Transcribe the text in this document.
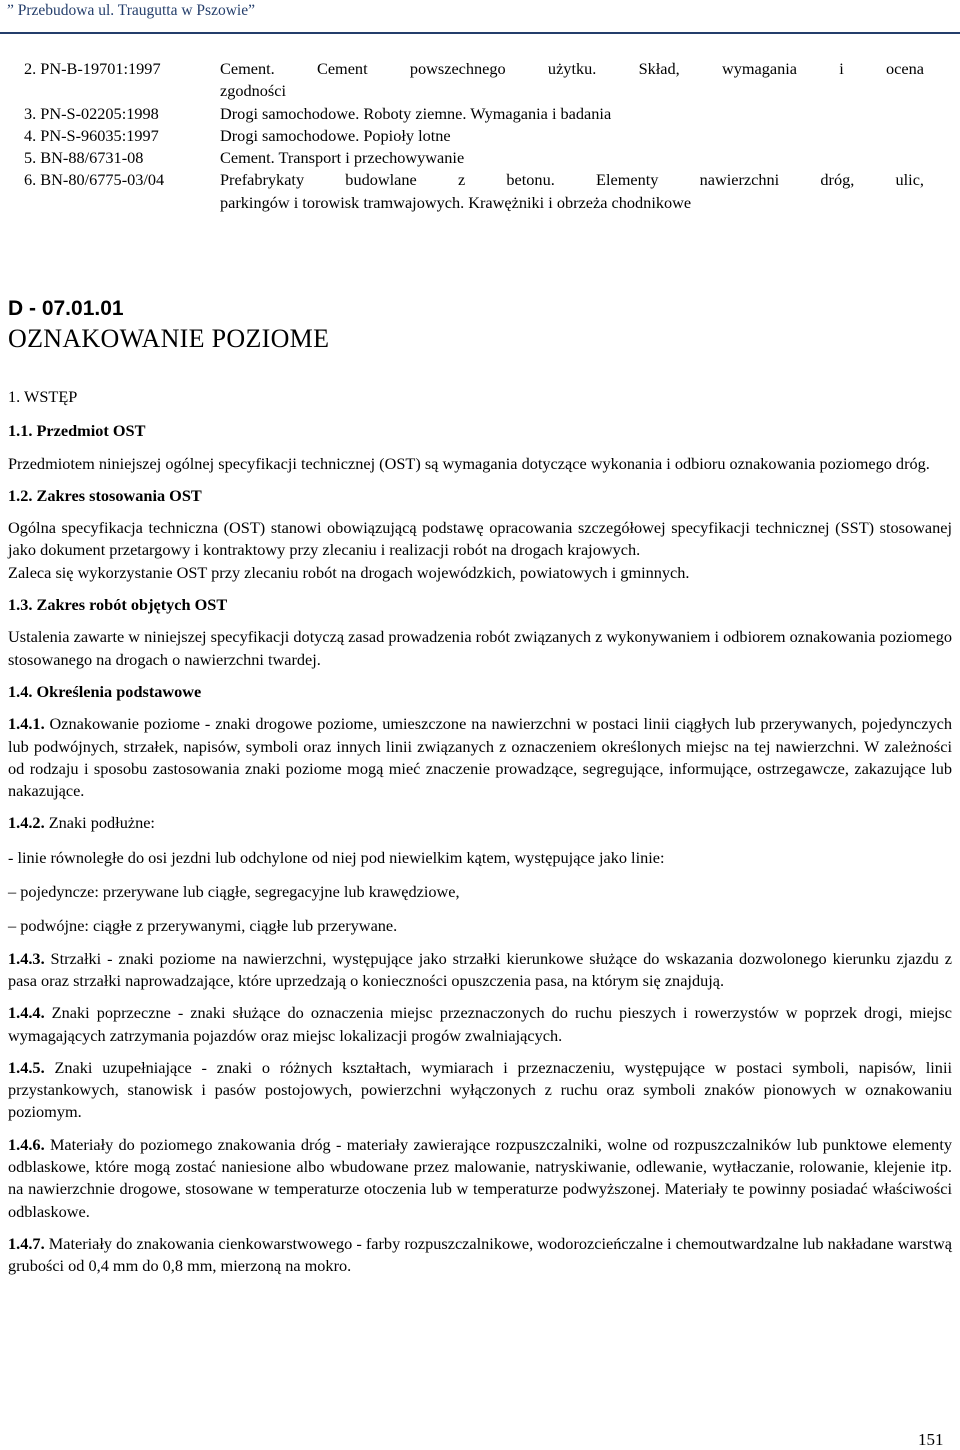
” Przebudowa ul. Traugutta w Pszowie”
2. PN-B-19701:1997	Cement. Cement powszechnego użytku. Skład, wymagania i ocena
zgodności
3. PN-S-02205:1998	Drogi samochodowe. Roboty ziemne. Wymagania i badania
4. PN-S-96035:1997	Drogi samochodowe. Popioły lotne
5. BN-88/6731-08	Cement. Transport i przechowywanie
6. BN-80/6775-03/04	Prefabrykaty budowlane z betonu. Elementy nawierzchni dróg, ulic,
parkingów i torowisk tramwajowych. Krawężniki i obrzeża chodnikowe
D - 07.01.01
OZNAKOWANIE POZIOME

1. WSTĘP

1.1. Przedmiot OST

Przedmiotem niniejszej ogólnej specyfikacji technicznej (OST) są wymagania dotyczące wykonania i odbioru oznakowania poziomego dróg.

1.2. Zakres stosowania OST

Ogólna specyfikacja techniczna (OST) stanowi obowiązującą podstawę opracowania szczegółowej specyfikacji technicznej (SST) stosowanej jako dokument przetargowy i kontraktowy przy zlecaniu i realizacji robót na drogach krajowych.

Zaleca się wykorzystanie OST przy zlecaniu robót na drogach wojewódzkich, powiatowych i gminnych.

1.3. Zakres robót objętych OST

Ustalenia zawarte w niniejszej specyfikacji dotyczą zasad prowadzenia robót związanych z wykonywaniem i odbiorem oznakowania poziomego stosowanego na drogach o nawierzchni twardej.

1.4. Określenia podstawowe

1.4.1. Oznakowanie poziome - znaki drogowe poziome, umieszczone na nawierzchni w postaci linii ciągłych lub przerywanych, pojedynczych lub podwójnych, strzałek, napisów, symboli oraz innych linii związanych z oznaczeniem określonych miejsc na tej nawierzchni. W zależności od rodzaju i sposobu zastosowania znaki poziome mogą mieć znaczenie prowadzące, segregujące, informujące, ostrzegawcze, zakazujące lub nakazujące.

1.4.2. Znaki podłużne:

- linie równoległe do osi jezdni lub odchylone od niej pod niewielkim kątem, występujące jako linie:

– pojedyncze: przerywane lub ciągłe, segregacyjne lub krawędziowe,

– podwójne: ciągłe z przerywanymi, ciągłe lub przerywane.

1.4.3. Strzałki - znaki poziome na nawierzchni, występujące jako strzałki kierunkowe służące do wskazania dozwolonego kierunku zjazdu z pasa oraz strzałki naprowadzające, które uprzedzają o konieczności opuszczenia pasa, na którym się znajdują.

1.4.4. Znaki poprzeczne - znaki służące do oznaczenia miejsc przeznaczonych do ruchu pieszych i rowerzystów w poprzek drogi, miejsc wymagających zatrzymania pojazdów oraz miejsc lokalizacji progów zwalniających.

1.4.5. Znaki uzupełniające - znaki o różnych kształtach, wymiarach i przeznaczeniu, występujące w postaci symboli, napisów, linii przystankowych, stanowisk i pasów postojowych, powierzchni wyłączonych z ruchu oraz symboli znaków pionowych w oznakowaniu poziomym.

1.4.6. Materiały do poziomego znakowania dróg - materiały zawierające rozpuszczalniki, wolne od rozpuszczalników lub punktowe elementy odblaskowe, które mogą zostać naniesione albo wbudowane przez malowanie, natryskiwanie, odlewanie, wytłaczanie, rolowanie, klejenie itp. na nawierzchnie drogowe, stosowane w temperaturze otoczenia lub w temperaturze podwyższonej. Materiały te powinny posiadać właściwości odblaskowe.

1.4.7. Materiały do znakowania cienkowarstwowego - farby rozpuszczalnikowe, wodorozcieńczalne i chemoutwardzalne lub nakładane warstwą grubości od 0,4 mm do 0,8 mm, mierzoną na mokro.

151
